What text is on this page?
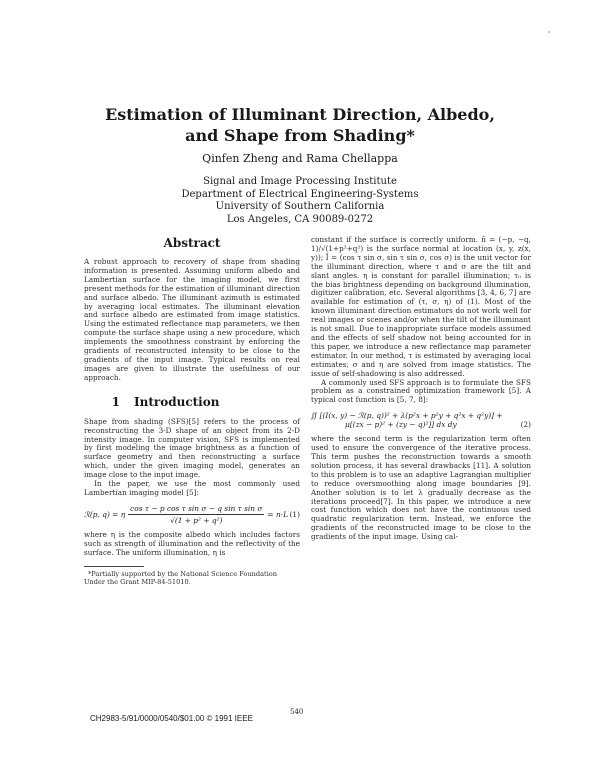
'
Estimation of Illuminant Direction, Albedo,
and Shape from Shading*
Qinfen Zheng and Rama Chellappa
Signal and Image Processing Institute
Department of Electrical Engineering-Systems
University of Southern California
Los Angeles, CA 90089-0272
Abstract

A robust approach to recovery of shape from shading information is presented. Assuming uniform albedo and Lambertian surface for the imaging model, we first present methods for the estimation of illuminant direction and surface albedo. The illuminant azimuth is estimated by averaging local estimates. The illuminant elevation and surface albedo are estimated from image statistics. Using the estimated reflectance map parameters, we then compute the surface shape using a new procedure, which implements the smoothness constraint by enforcing the gradients of reconstructed intensity to be close to the gradients of the input image. Typical results on real images are given to illustrate the usefulness of our approach.

1 Introduction

Shape from shading (SFS)[5] refers to the process of reconstructing the 3-D shape of an object from its 2-D intensity image. In computer vision, SFS is implemented by first modeling the image brightness as a function of surface geometry and then reconstructing a surface which, under the given imaging model, generates an image close to the input image.

In the paper, we use the most commonly used Lambertian imaging model [5]:

ℛ(p, q) = η $\frac{\text{cos τ − p cos τ sin σ − q sin τ sin σ}}{\text{√(1 + p² + q²)}} = n\cdot L$ (1)

where η is the composite albedo which includes factors such as strength of illumination and the reflectivity of the surface. The uniform illumination, η is

*Partially supported by the National Science Foundation Under the Grant MIP-84-51010.

constant if the surface is correctly uniform. ñ = (−p, −q, 1)/√(1+p²+q²) is the surface normal at location (x, y, z(x, y)); Î = (cos τ sin σ, sin τ sin σ, cos σ) is the unit vector for the illuminant direction, where τ and σ are the tilt and slant angles. η is constant for parallel illumination; τ₀ is the bias brightness depending on background illumination, digitizer calibration, etc. Several algorithms [3, 4, 6, 7] are available for estimation of (τ, σ, η) of (1). Most of the known illuminant direction estimators do not work well for real images or scenes and/or when the tilt of the illuminant is not small. Due to inappropriate surface models assumed and the effects of self shadow not being accounted for in this paper, we introduce a new reflectance map parameter estimator. In our method, τ is estimated by averaging local estimates; σ and η are solved from image statistics. The issue of self-shadowing is also addressed.

A commonly used SFS approach is to formulate the SFS problem as a constrained optimization framework [5]. A typical cost function is [5, 7, 8]:

∬ [(I(x, y) − ℛ(p, q))² + λ(p²x + p²y + q²x + q²y)] +
μ[(zx − p)² + (zy − q)²]] dx dy	(2)

where the second term is the regularization term often used to ensure the convergence of the iterative process. This term pushes the reconstruction towards a smooth solution process, it has several drawbacks [11]. A solution to this problem is to use an adaptive Lagrangian multiplier to reduce oversmoothing along image boundaries [9]. Another solution is to let λ gradually decrease as the iterations proceed[7]. In this paper, we introduce a new cost function which does not have the continuous used quadratic regularization term. Instead, we enforce the gradients of the reconstructed image to be close to the gradients of the input image. Using cal-

540
CH2983-5/91/0000/0540/$01.00 © 1991 IEEE
